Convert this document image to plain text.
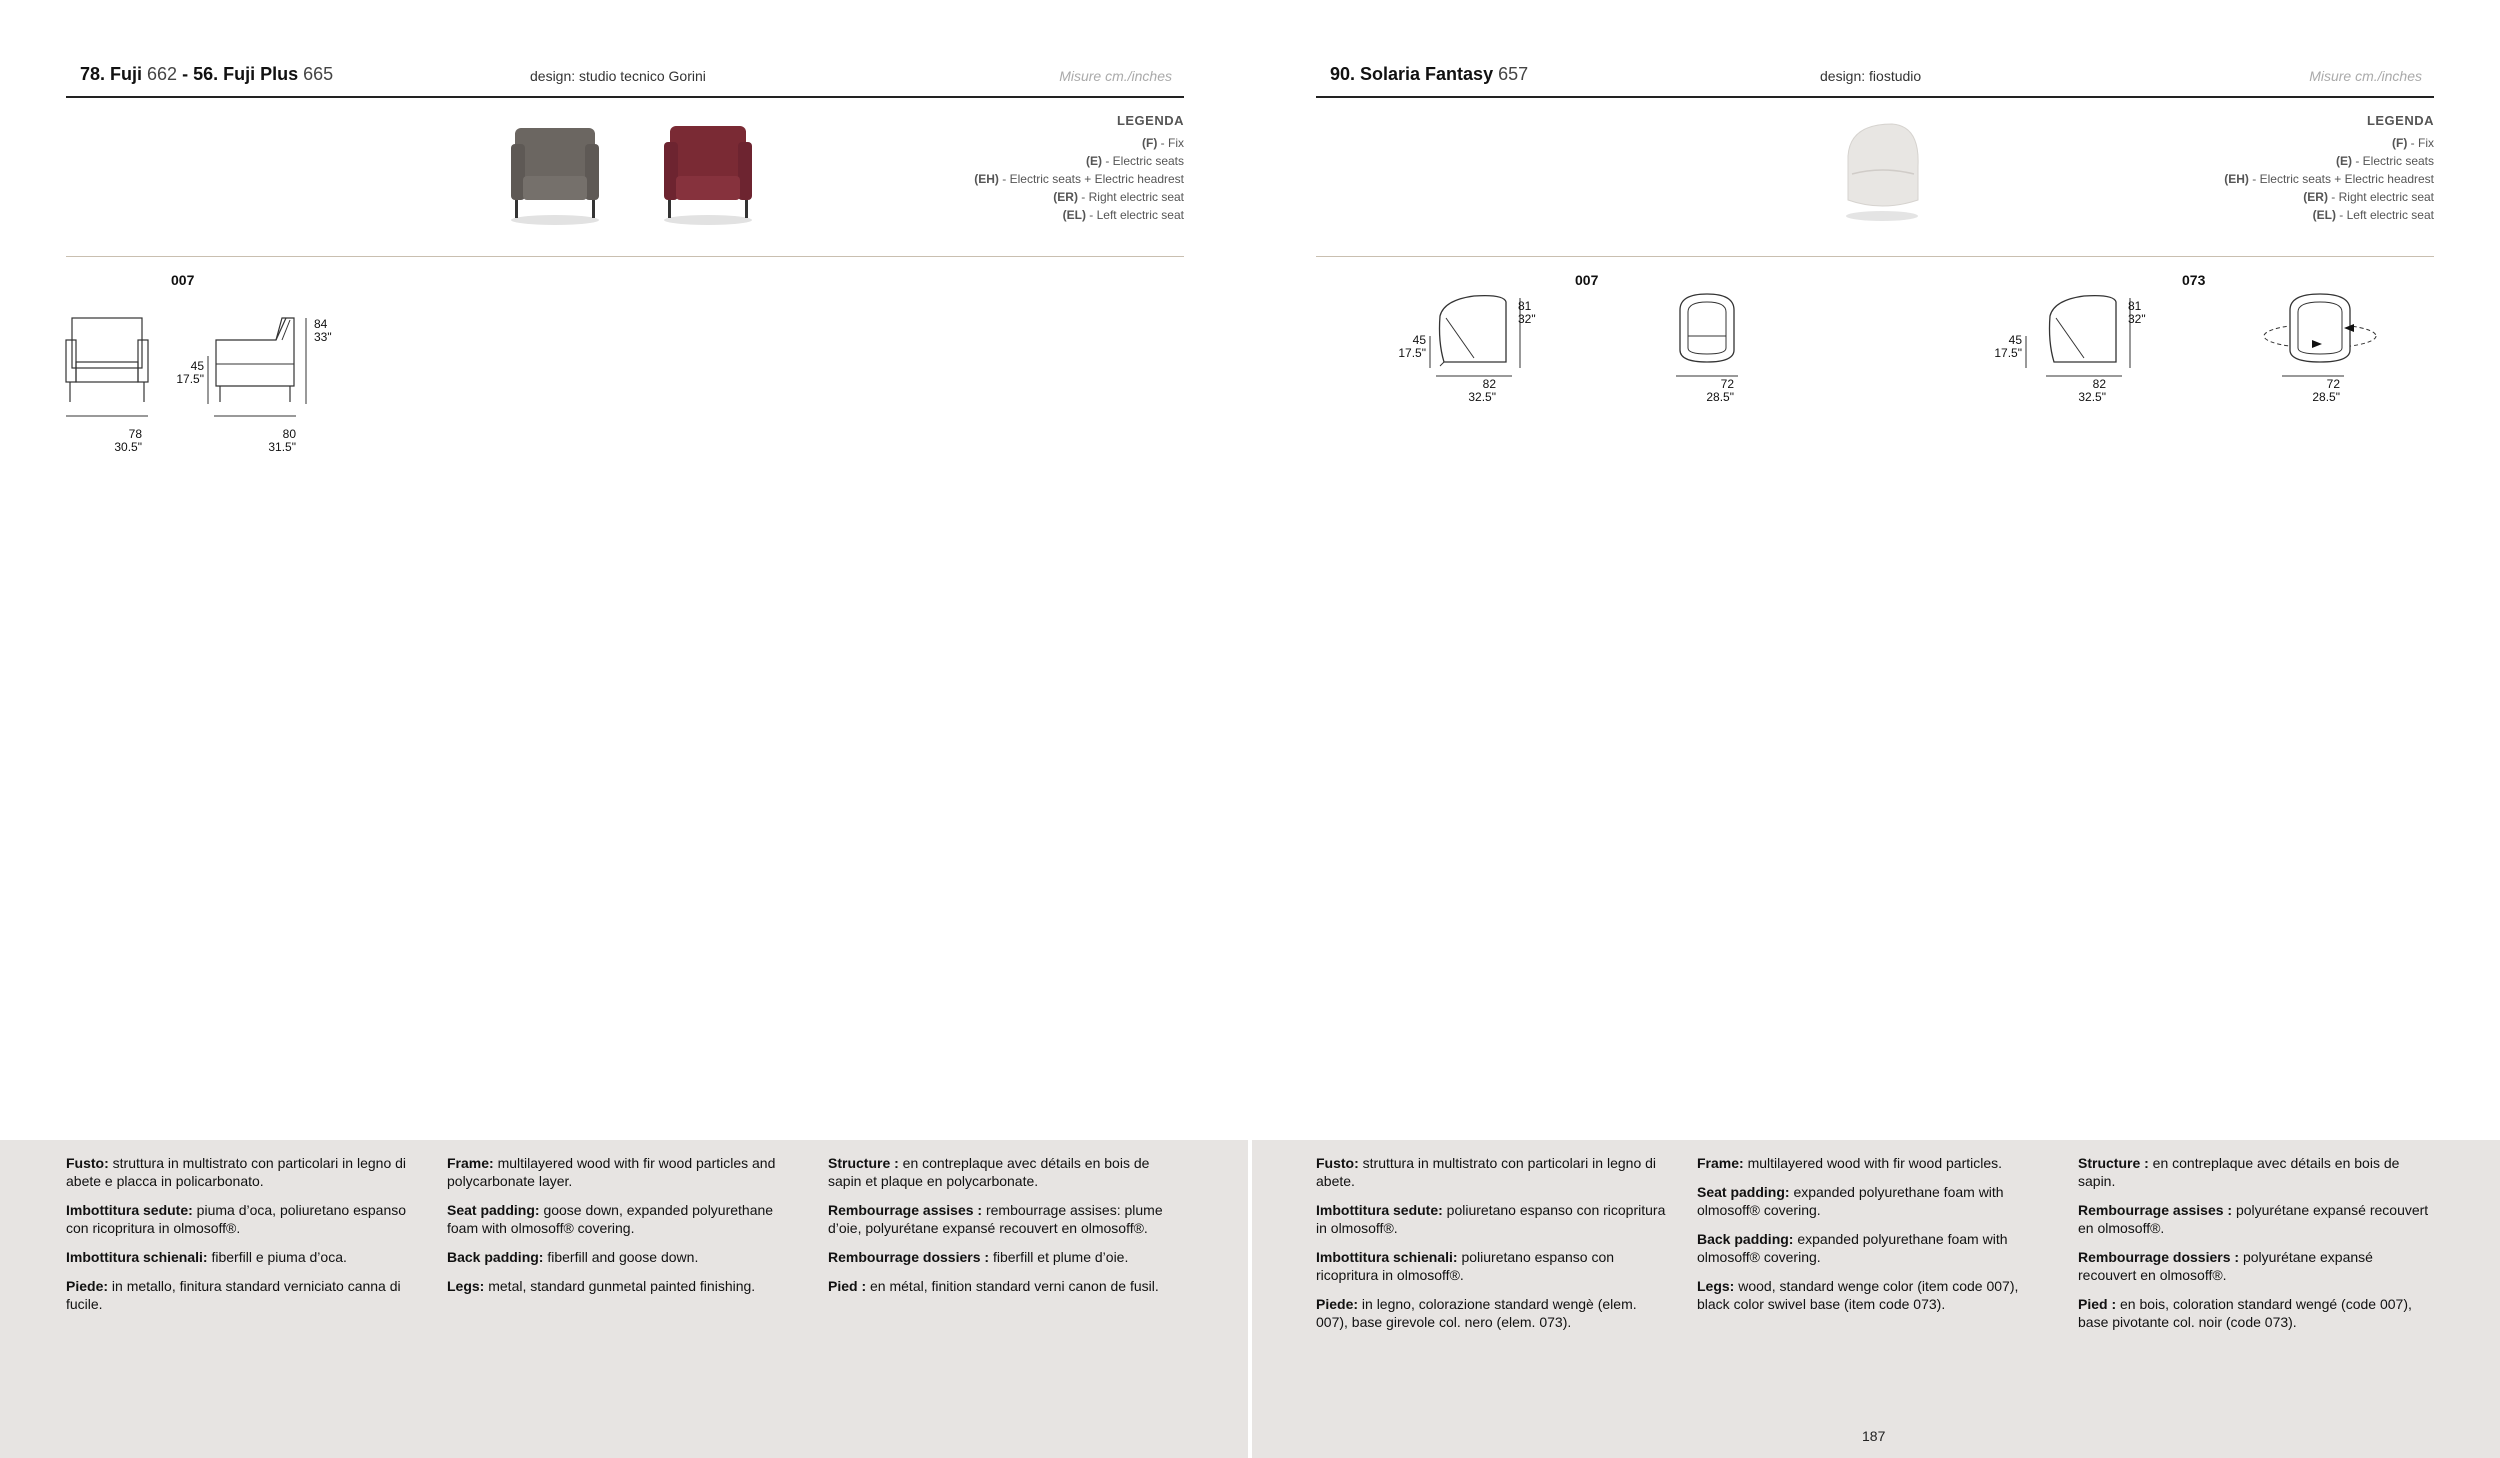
78. Fuji 662 - 56. Fuji Plus 665	design: studio tecnico Gorini	Misure cm./inches
LEGENDA
(F) - Fix
(E) - Electric seats
(EH) - Electric seats + Electric headrest
(ER) - Right electric seat
(EL) - Left electric seat
007
78
30.5"
80
31.5"
45
17.5"
84
33"

Fusto: struttura in multistrato con particolari in legno di abete e placca in policarbonato.

Imbottitura sedute: piuma d’oca, poliuretano espanso con ricopritura in olmosoff®.

Imbottitura schienali: fiberfill e piuma d’oca.

Piede: in metallo, finitura standard verniciato canna di fucile.

Frame: multilayered wood with fir wood particles and polycarbonate layer.

Seat padding: goose down, expanded polyurethane foam with olmosoff® covering.

Back padding: fiberfill and goose down.

Legs: metal, standard gunmetal painted finishing.

Structure : en contreplaque avec détails en bois de sapin et plaque en polycarbonate.

Rembourrage assises : rembourrage assises: plume d’oie, polyurétane expansé recouvert en olmosoff®.

Rembourrage dossiers : fiberfill et plume d’oie.

Pied : en métal, finition standard verni canon de fusil.

90. Solaria Fantasy 657	design: fiostudio	Misure cm./inches
LEGENDA
(F) - Fix
(E) - Electric seats
(EH) - Electric seats + Electric headrest
(ER) - Right electric seat
(EL) - Left electric seat
007	073
82
32.5"
81
32"
45
17.5"
72
28.5"
82
32.5"
81
32"
45
17.5"
72
28.5"

Fusto: struttura in multistrato con particolari in legno di abete.

Imbottitura sedute: poliuretano espanso con ricopritura in olmosoff®.

Imbottitura schienali: poliuretano espanso con ricopritura in olmosoff®.

Piede: in legno, colorazione standard wengè (elem. 007), base girevole col. nero (elem. 073).

Frame: multilayered wood with fir wood particles.

Seat padding: expanded polyurethane foam with olmosoff® covering.

Back padding: expanded polyurethane foam with olmosoff® covering.

Legs: wood, standard wenge color (item code 007), black color swivel base (item code 073).

Structure : en contreplaque avec détails en bois de sapin.

Rembourrage assises : polyurétane expansé recouvert en olmosoff®.

Rembourrage dossiers : polyurétane expansé recouvert en olmosoff®.

Pied : en bois, coloration standard wengé (code 007), base pivotante col. noir (code 073).

187
